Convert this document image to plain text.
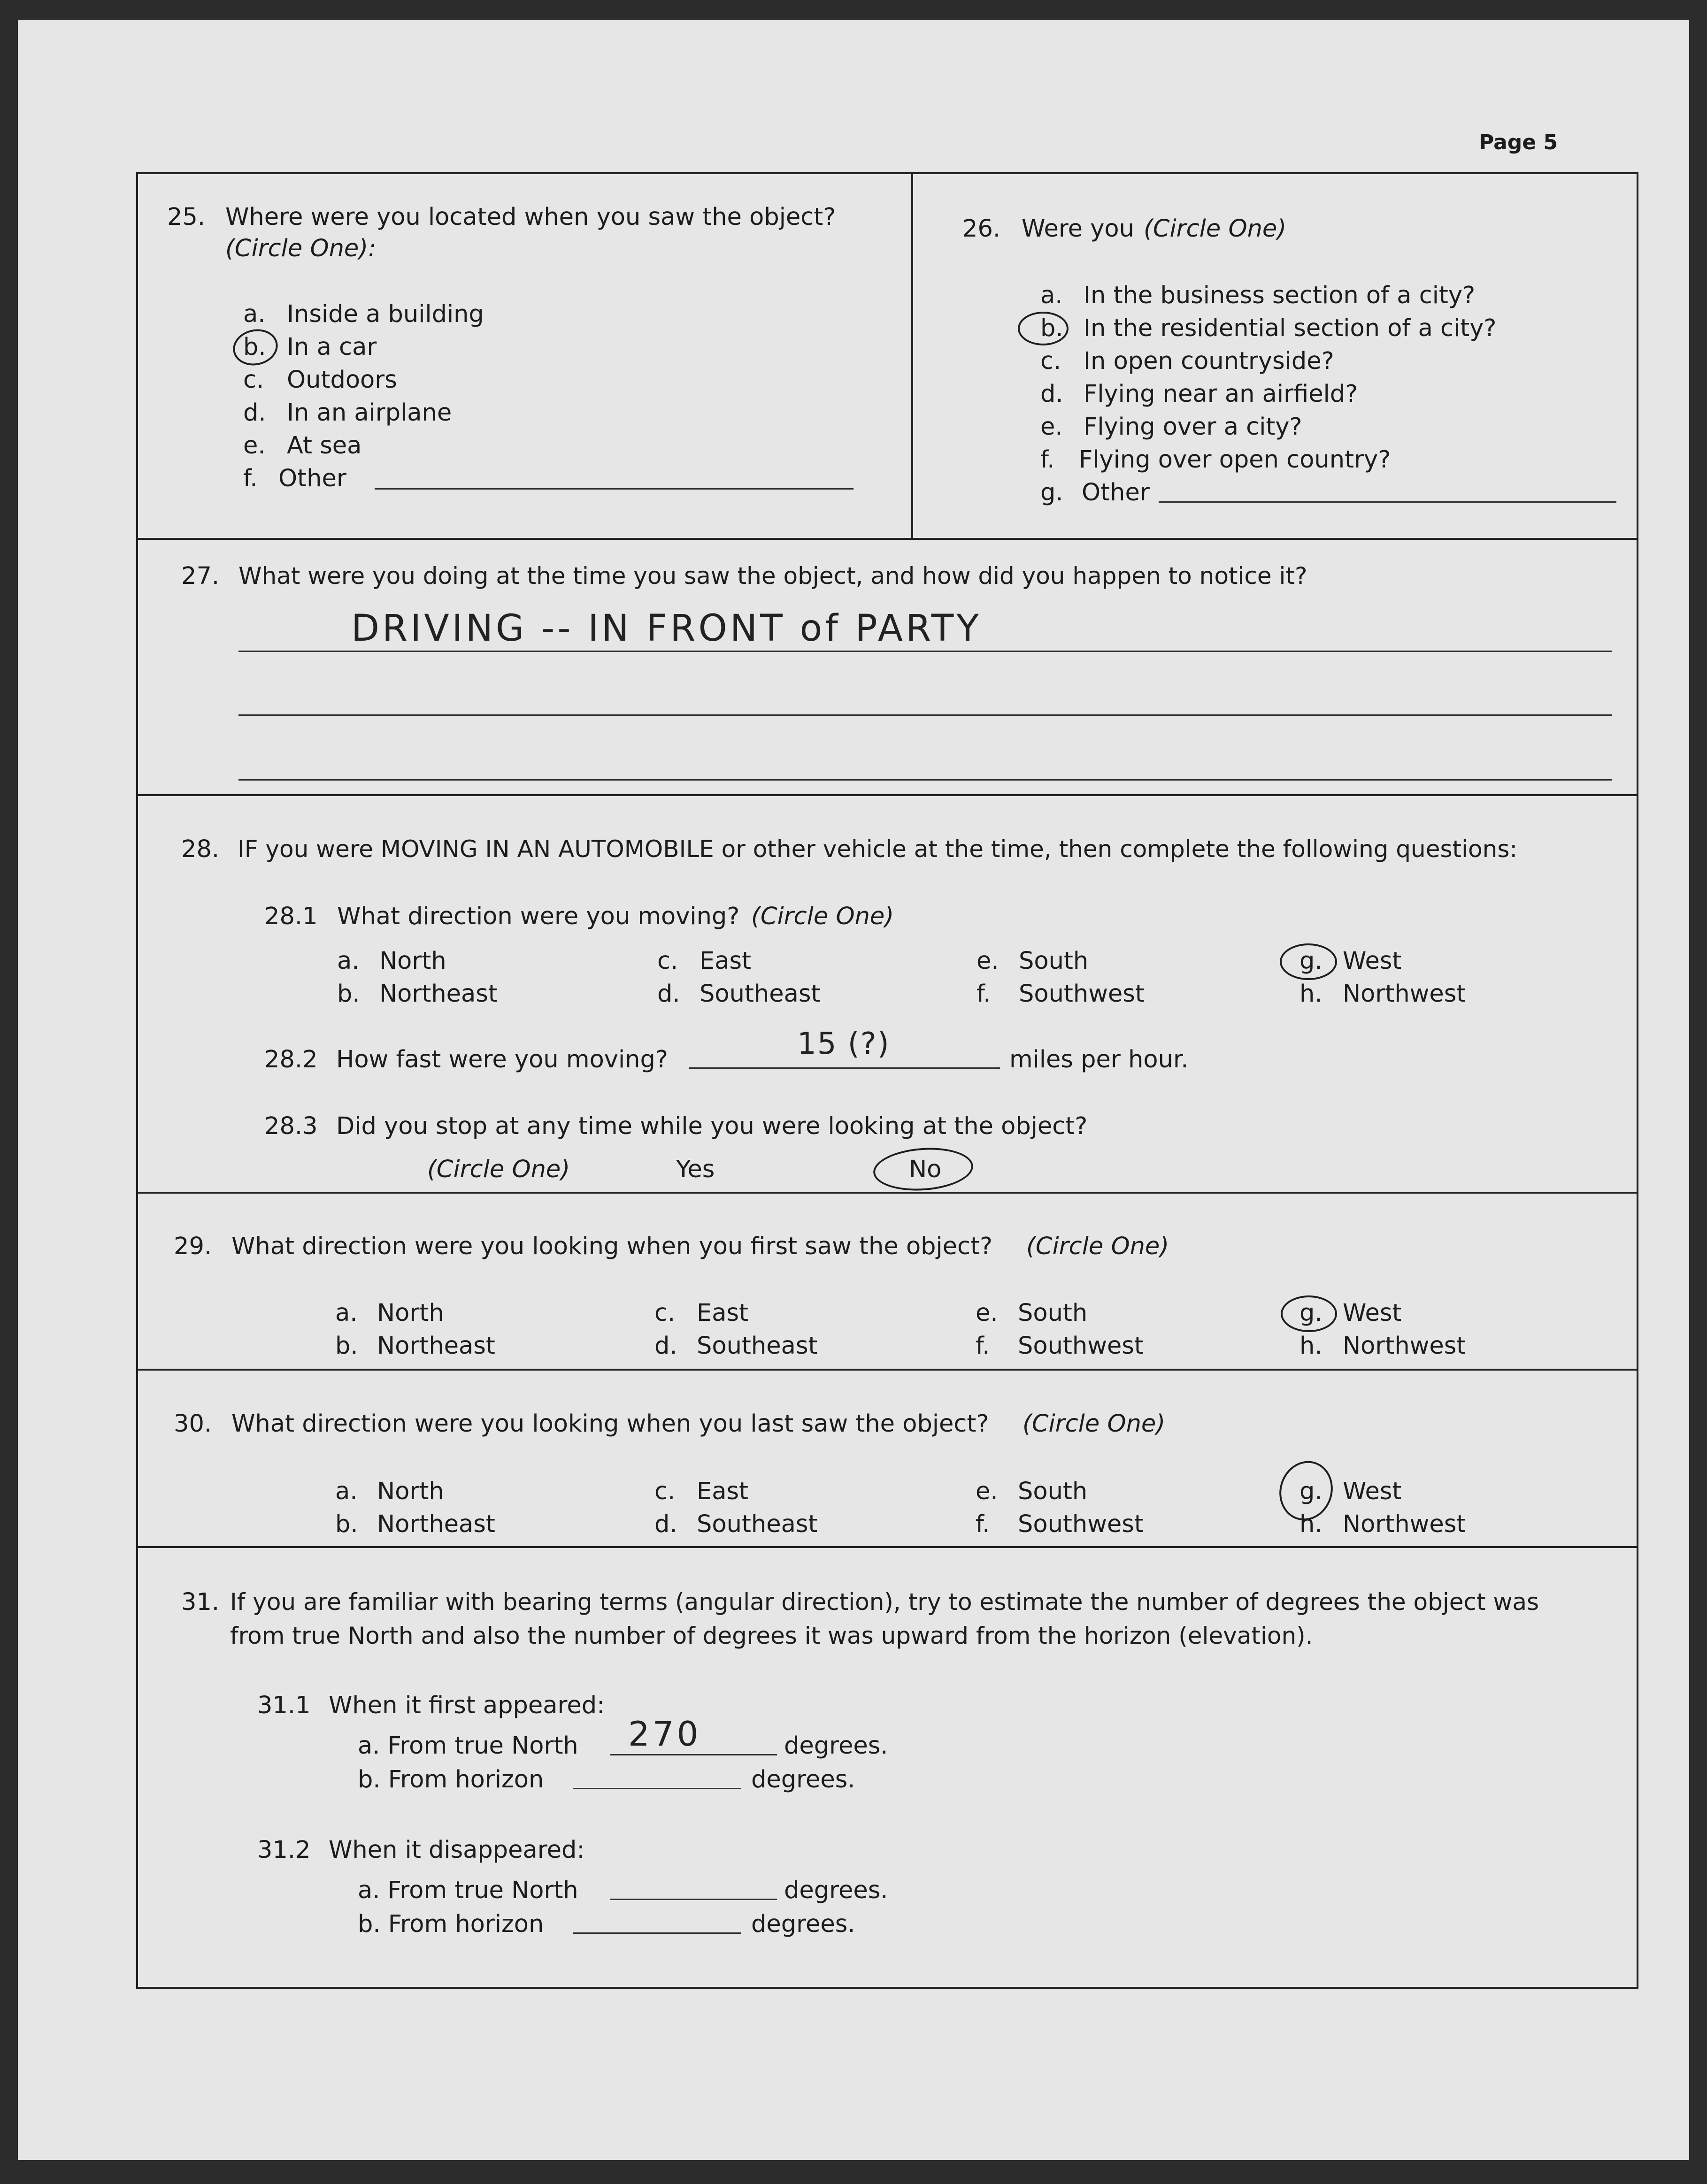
Page 5
25. Where were you located when you saw the object?
(Circle One):
a. Inside a building
b. In a car
c. Outdoors
d. In an airplane
e. At sea
f. Other
26. Were you (Circle One)
a. In the business section of a city?
b. In the residential section of a city?
c. In open countryside?
d. Flying near an airfield?
e. Flying over a city?
f. Flying over open country?
g. Other
27. What were you doing at the time you saw the object, and how did you happen to notice it?
DRIVING -- IN FRONT of PARTY
28. IF you were MOVING IN AN AUTOMOBILE or other vehicle at the time, then complete the following questions:
28.1 What direction were you moving? (Circle One)
a. North
b. Northeast
c. East
d. Southeast
e. South
f. Southwest
g. West
h. Northwest
28.2 How fast were you moving?	15 (?)	miles per hour.
28.3 Did you stop at any time while you were looking at the object?
(Circle One)	Yes	No
29. What direction were you looking when you first saw the object? (Circle One)
a. North
b. Northeast
c. East
d. Southeast
e. South
f. Southwest
g. West
h. Northwest
30. What direction were you looking when you last saw the object? (Circle One)
a. North
b. Northeast
c. East
d. Southeast
e. South
f. Southwest
g. West
h. Northwest
31. If you are familiar with bearing terms (angular direction), try to estimate the number of degrees the object was
from true North and also the number of degrees it was upward from the horizon (elevation).
31.1 When it first appeared:
a. From true North 270	degrees.
b. From horizon	degrees.
31.2 When it disappeared:
a. From true North	degrees.
b. From horizon	degrees.
